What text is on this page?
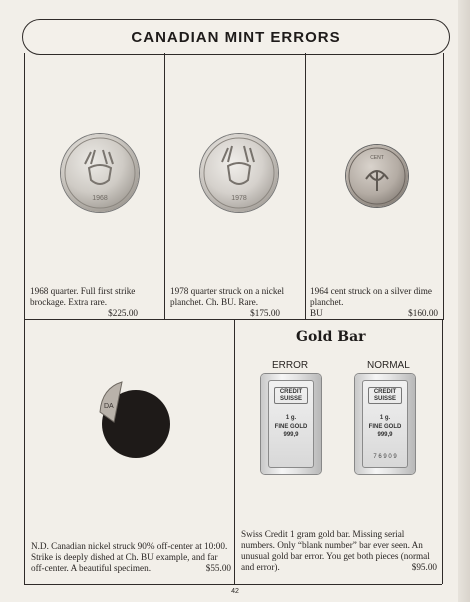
CANADIAN MINT ERRORS
1968	1978
CENT
1968 quarter. Full first strike brockage. Extra rare.
$225.00
1978 quarter struck on a nickel planchet. Ch. BU. Rare.
$175.00
1964 cent struck on a silver dime planchet.
BU	$160.00
DA
N.D. Canadian nickel struck 90% off-center at 10:00. Strike is deeply dished at Ch. BU example, and far off-center. A beautiful specimen.	$55.00
Gold Bar
ERROR	NORMAL
CREDIT
SUISSE
1 g.
FINE GOLD
999,9
CREDIT
SUISSE
1 g.
FINE GOLD
999,9
7 6 9 0 9
Swiss Credit 1 gram gold bar. Missing serial numbers. Only “blank number” bar ever seen. An unusual gold bar error. You get both pieces (normal and error).	$95.00
42
